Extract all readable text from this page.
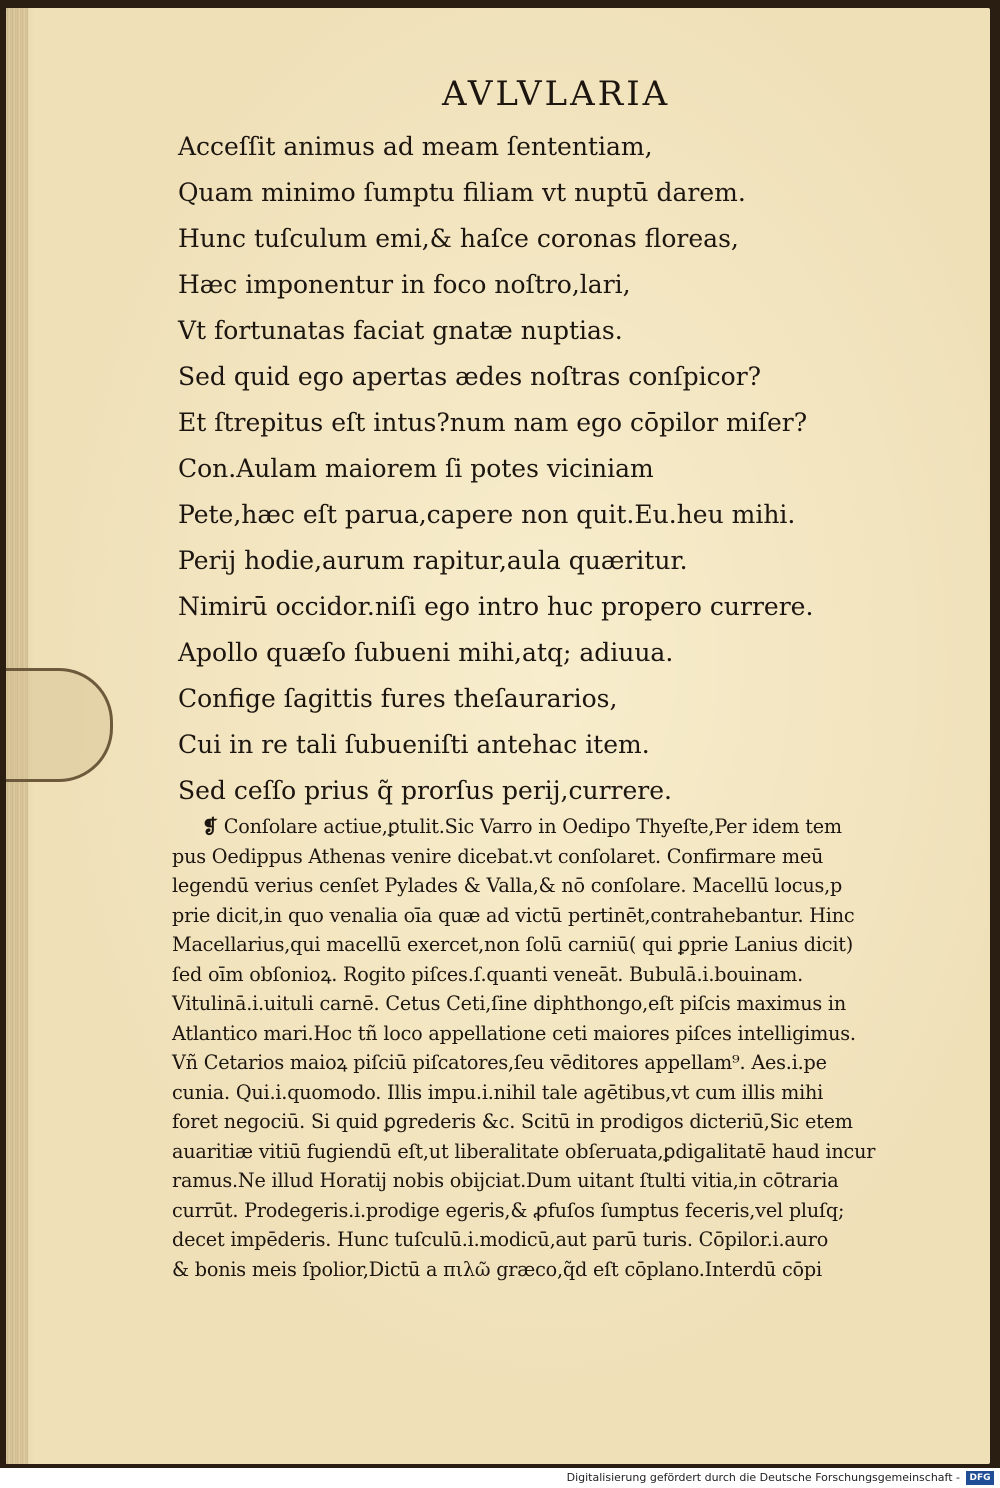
AVLVLARIA
Acceſſit animus ad meam ſententiam,
Quam minimo ſumptu filiam vt nuptū darem.
Hunc tuſculum emi,& haſce coronas floreas,
Hæc imponentur in foco noſtro,lari,
Vt fortunatas faciat gnatæ nuptias.
Sed quid ego apertas ædes noſtras conſpicor?
Et ſtrepitus eſt intus?num nam ego cōpilor miſer?
Con.Aulam maiorem ſi potes viciniam
Pete,hæc eſt parua,capere non quit.Eu.heu mihi.
Perij hodie,aurum rapitur,aula quæritur.
Nimirū occidor.niſi ego intro huc propero currere.
Apollo quæſo ſubueni mihi,atq; adiuua.
Confige ſagittis fures theſaurarios,
Cui in re tali ſubueniſti antehac item.
Sed ceſſo prius q̃ prorſus perij,currere.
❡ Conſolare actiue,ꝑtulit.Sic Varro in Oedipo Thyeſte,Per idem tem
pus Oedippus Athenas venire dicebat.vt conſolaret. Confirmare meū
legendū verius cenſet Pylades & Valla,& nō conſolare. Macellū locus,p
prie dicit,in quo venalia oīa quæ ad victū pertinēt,contrahebantur. Hinc
Macellarius,qui macellū exercet,non ſolū carniū( qui ꝑprie Lanius dicit)
ſed oīm obſonioꝝ. Rogito piſces.ſ.quanti veneāt. Bubulā.i.bouinam.
Vitulinā.i.uituli carnē. Cetus Ceti,ſine diphthongo,eſt piſcis maximus in
Atlantico mari.Hoc tñ loco appellatione ceti maiores piſces intelligimus.
Vñ Cetarios maioꝝ piſciū piſcatores,ſeu vēditores appellam⁹. Aes.i.pe
cunia. Qui.i.quomodo. Illis impu.i.nihil tale agētibus,vt cum illis mihi
foret negociū. Si quid ꝑgrederis &c. Scitū in prodigos dicteriū,Sic etem
auaritiæ vitiū fugiendū eſt,ut liberalitate obſeruata,ꝑdigalitatē haud incur
ramus.Ne illud Horatij nobis obijciat.Dum uitant ſtulti vitia,in cōtraria
currūt. Prodegeris.i.prodige egeris,& ꝓfuſos ſumptus feceris,vel pluſq;
decet impēderis. Hunc tuſculū.i.modicū,aut parū turis. Cōpilor.i.auro
& bonis meis ſpolior,Dictū a πιλῶ græco,q̃d eſt cōplano.Interdū cōpi
Digitalisierung gefördert durch die Deutsche Forschungsgemeinschaft -	DFG
